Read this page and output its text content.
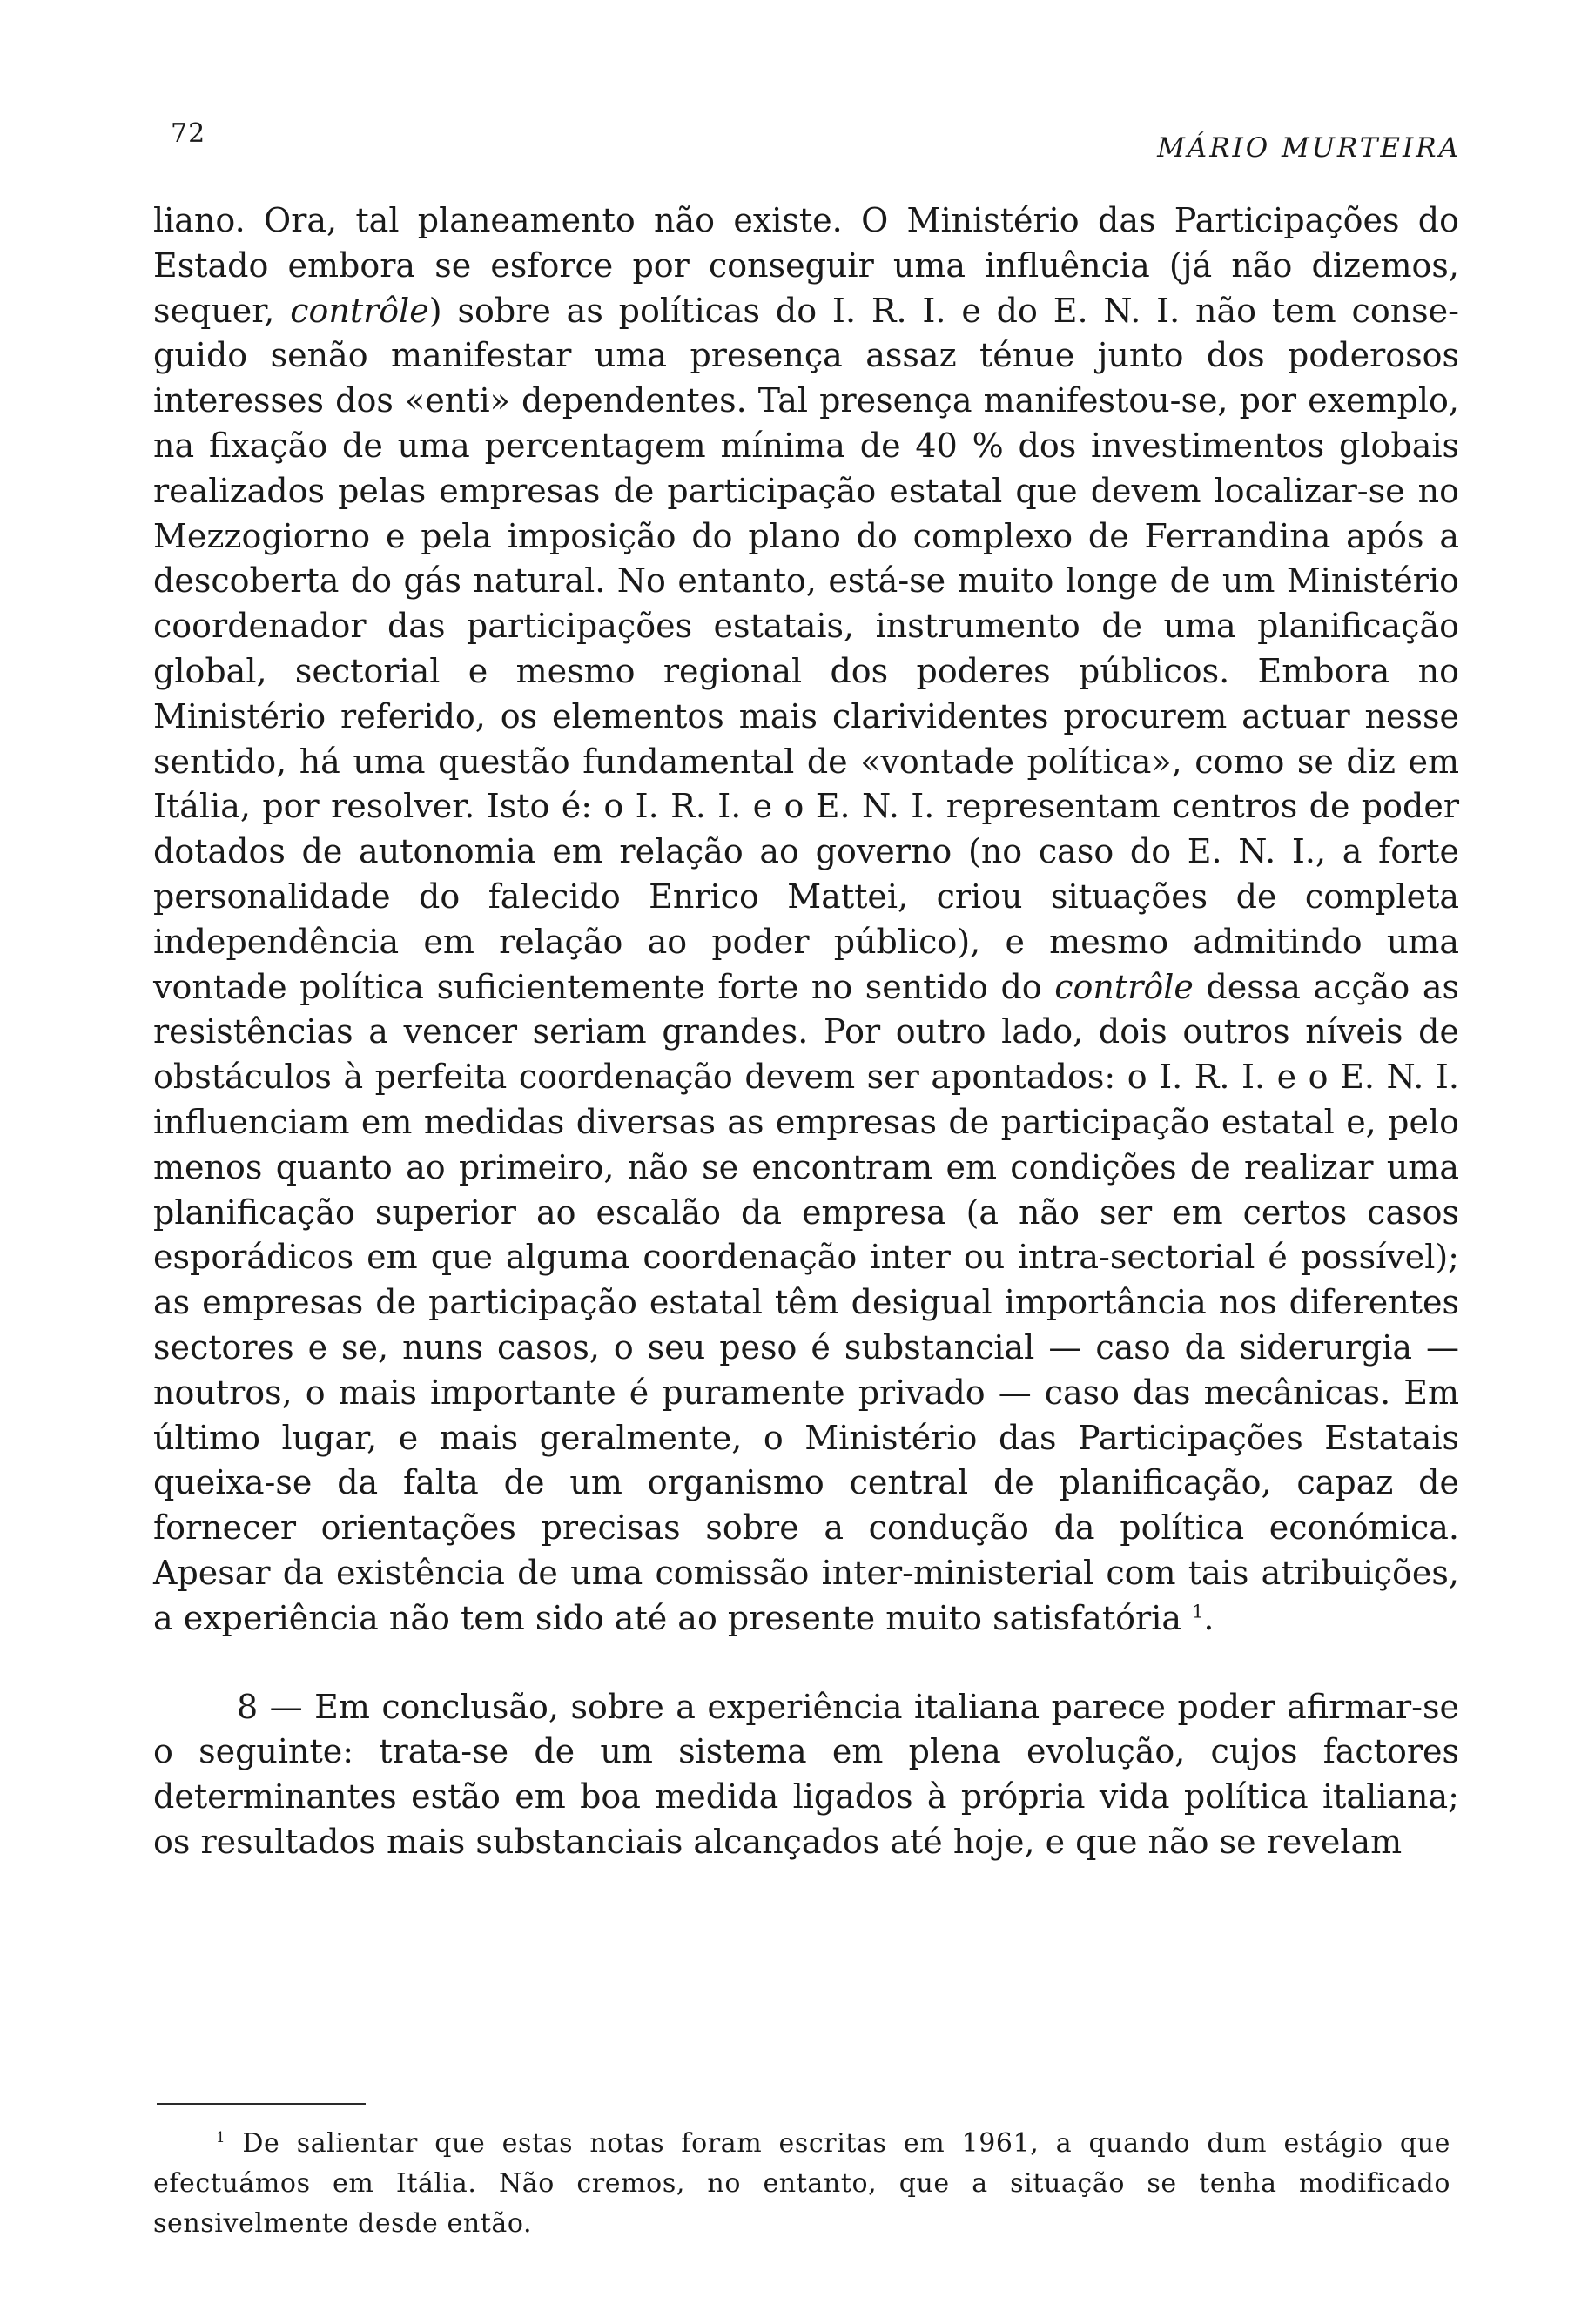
72	MÁRIO MURTEIRA

liano. Ora, tal planeamento não existe. O Ministério das Participações do Estado embora se esforce por conseguir uma influência (já não dizemos, sequer, contrôle) sobre as políticas do I. R. I. e do E. N. I. não tem conseguido senão manifestar uma presença assaz ténue junto dos poderosos interesses dos «enti» dependentes. Tal presença manifestou-se, por exemplo, na fixação de uma percentagem mínima de 40 % dos investimentos globais realizados pelas empresas de participação estatal que devem localizar-se no Mezzogiorno e pela imposição do plano do complexo de Ferrandina após a descoberta do gás natural. No entanto, está-se muito longe de um Ministério coordenador das participações estatais, instrumento de uma planificação global, sectorial e mesmo regional dos poderes públicos. Embora no Ministério referido, os elementos mais clarividentes procurem actuar nesse sentido, há uma questão fundamental de «vontade política», como se diz em Itália, por resolver. Isto é: o I. R. I. e o E. N. I. representam centros de poder dotados de autonomia em relação ao governo (no caso do E. N. I., a forte personalidade do falecido Enrico Mattei, criou situações de completa independência em relação ao poder público), e mesmo admitindo uma vontade política suficientemente forte no sentido do contrôle dessa acção as resistências a vencer seriam grandes. Por outro lado, dois outros níveis de obstáculos à perfeita coordenação devem ser apontados: o I. R. I. e o E. N. I. influenciam em medidas diversas as empresas de participação estatal e, pelo menos quanto ao primeiro, não se encontram em condições de realizar uma planificação superior ao escalão da empresa (a não ser em certos casos esporádicos em que alguma coordenação inter ou intra-sectorial é possível); as empresas de participação estatal têm desigual importância nos diferentes sectores e se, nuns casos, o seu peso é substancial — caso da siderurgia — noutros, o mais importante é puramente privado — caso das mecânicas. Em último lugar, e mais geralmente, o Ministério das Participações Estatais queixa-se da falta de um organismo central de planificação, capaz de fornecer orientações precisas sobre a condução da política económica. Apesar da existência de uma comissão inter-ministerial com tais atribuições, a experiência não tem sido até ao presente muito satisfatória $^1$.

8 — Em conclusão, sobre a experiência italiana parece poder afirmar-se o seguinte: trata-se de um sistema em plena evolução, cujos factores determinantes estão em boa medida ligados à própria vida política italiana; os resultados mais substanciais alcançados até hoje, e que não se revelam

$^1$ De salientar que estas notas foram escritas em 1961, a quando dum estágio que efectuámos em Itália. Não cremos, no entanto, que a situação se tenha modificado sensivelmente desde então.
